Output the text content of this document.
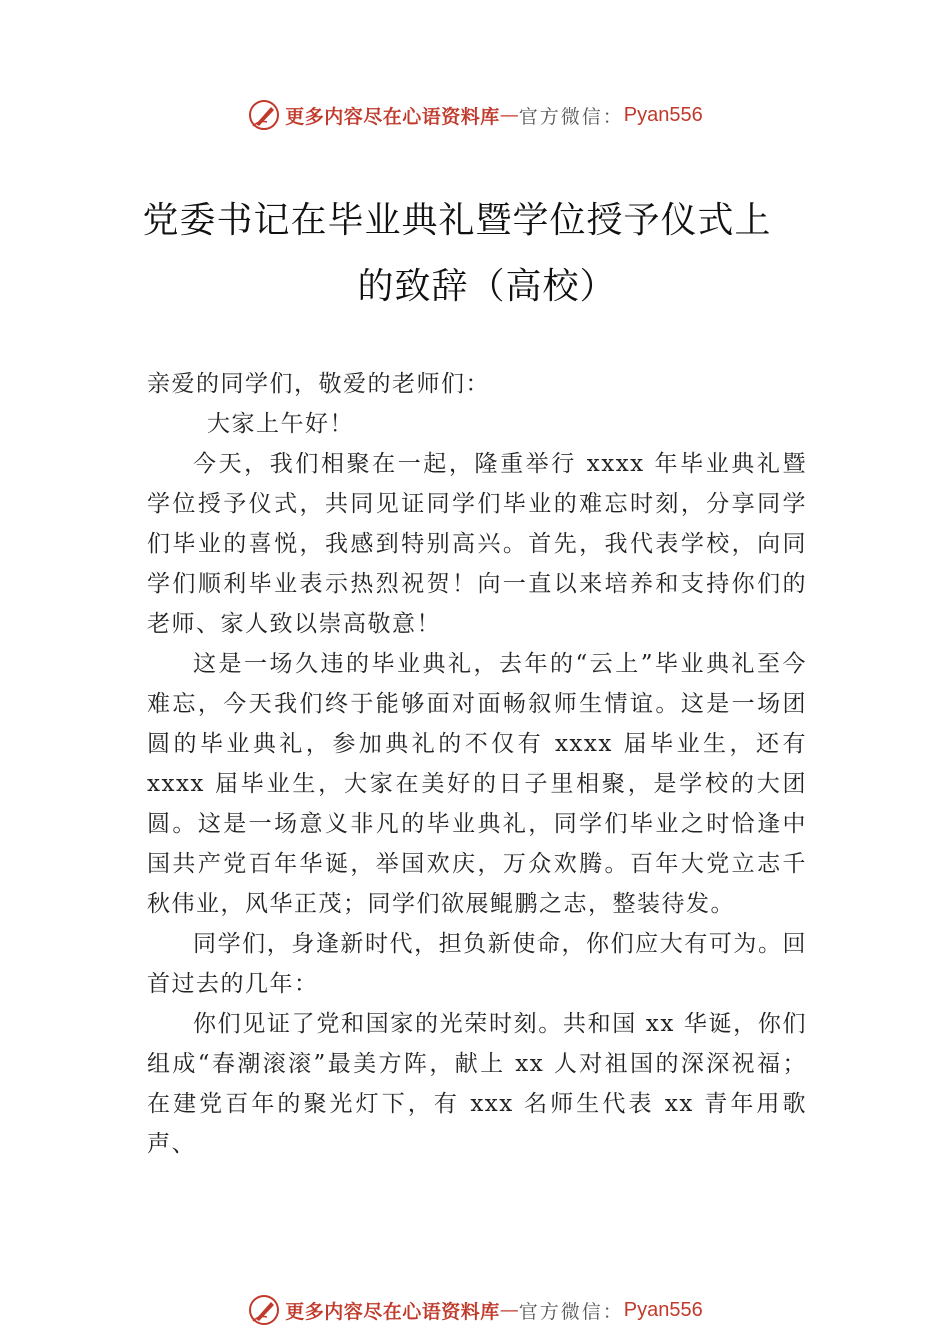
更多内容尽在心语资料库 — 官方微信： Pyan556
党委书记在毕业典礼暨学位授予仪式上
的致辞（高校）

亲爱的同学们，敬爱的老师们：

大家上午好！

今天，我们相聚在一起，隆重举行 xxxx 年毕业典礼暨学位授予仪式，共同见证同学们毕业的难忘时刻，分享同学们毕业的喜悦，我感到特别高兴。首先，我代表学校，向同学们顺利毕业表示热烈祝贺！向一直以来培养和支持你们的老师、家人致以崇高敬意！

这是一场久违的毕业典礼，去年的“云上”毕业典礼至今难忘，今天我们终于能够面对面畅叙师生情谊。这是一场团圆的毕业典礼，参加典礼的不仅有 xxxx 届毕业生，还有 xxxx 届毕业生，大家在美好的日子里相聚，是学校的大团圆。这是一场意义非凡的毕业典礼，同学们毕业之时恰逢中国共产党百年华诞，举国欢庆，万众欢腾。百年大党立志千秋伟业，风华正茂；同学们欲展鲲鹏之志，整装待发。

同学们，身逢新时代，担负新使命，你们应大有可为。回首过去的几年：

你们见证了党和国家的光荣时刻。共和国 xx 华诞，你们组成“春潮滚滚”最美方阵，献上 xx 人对祖国的深深祝福；在建党百年的聚光灯下，有 xxx 名师生代表 xx 青年用歌声、

更多内容尽在心语资料库 — 官方微信： Pyan556
